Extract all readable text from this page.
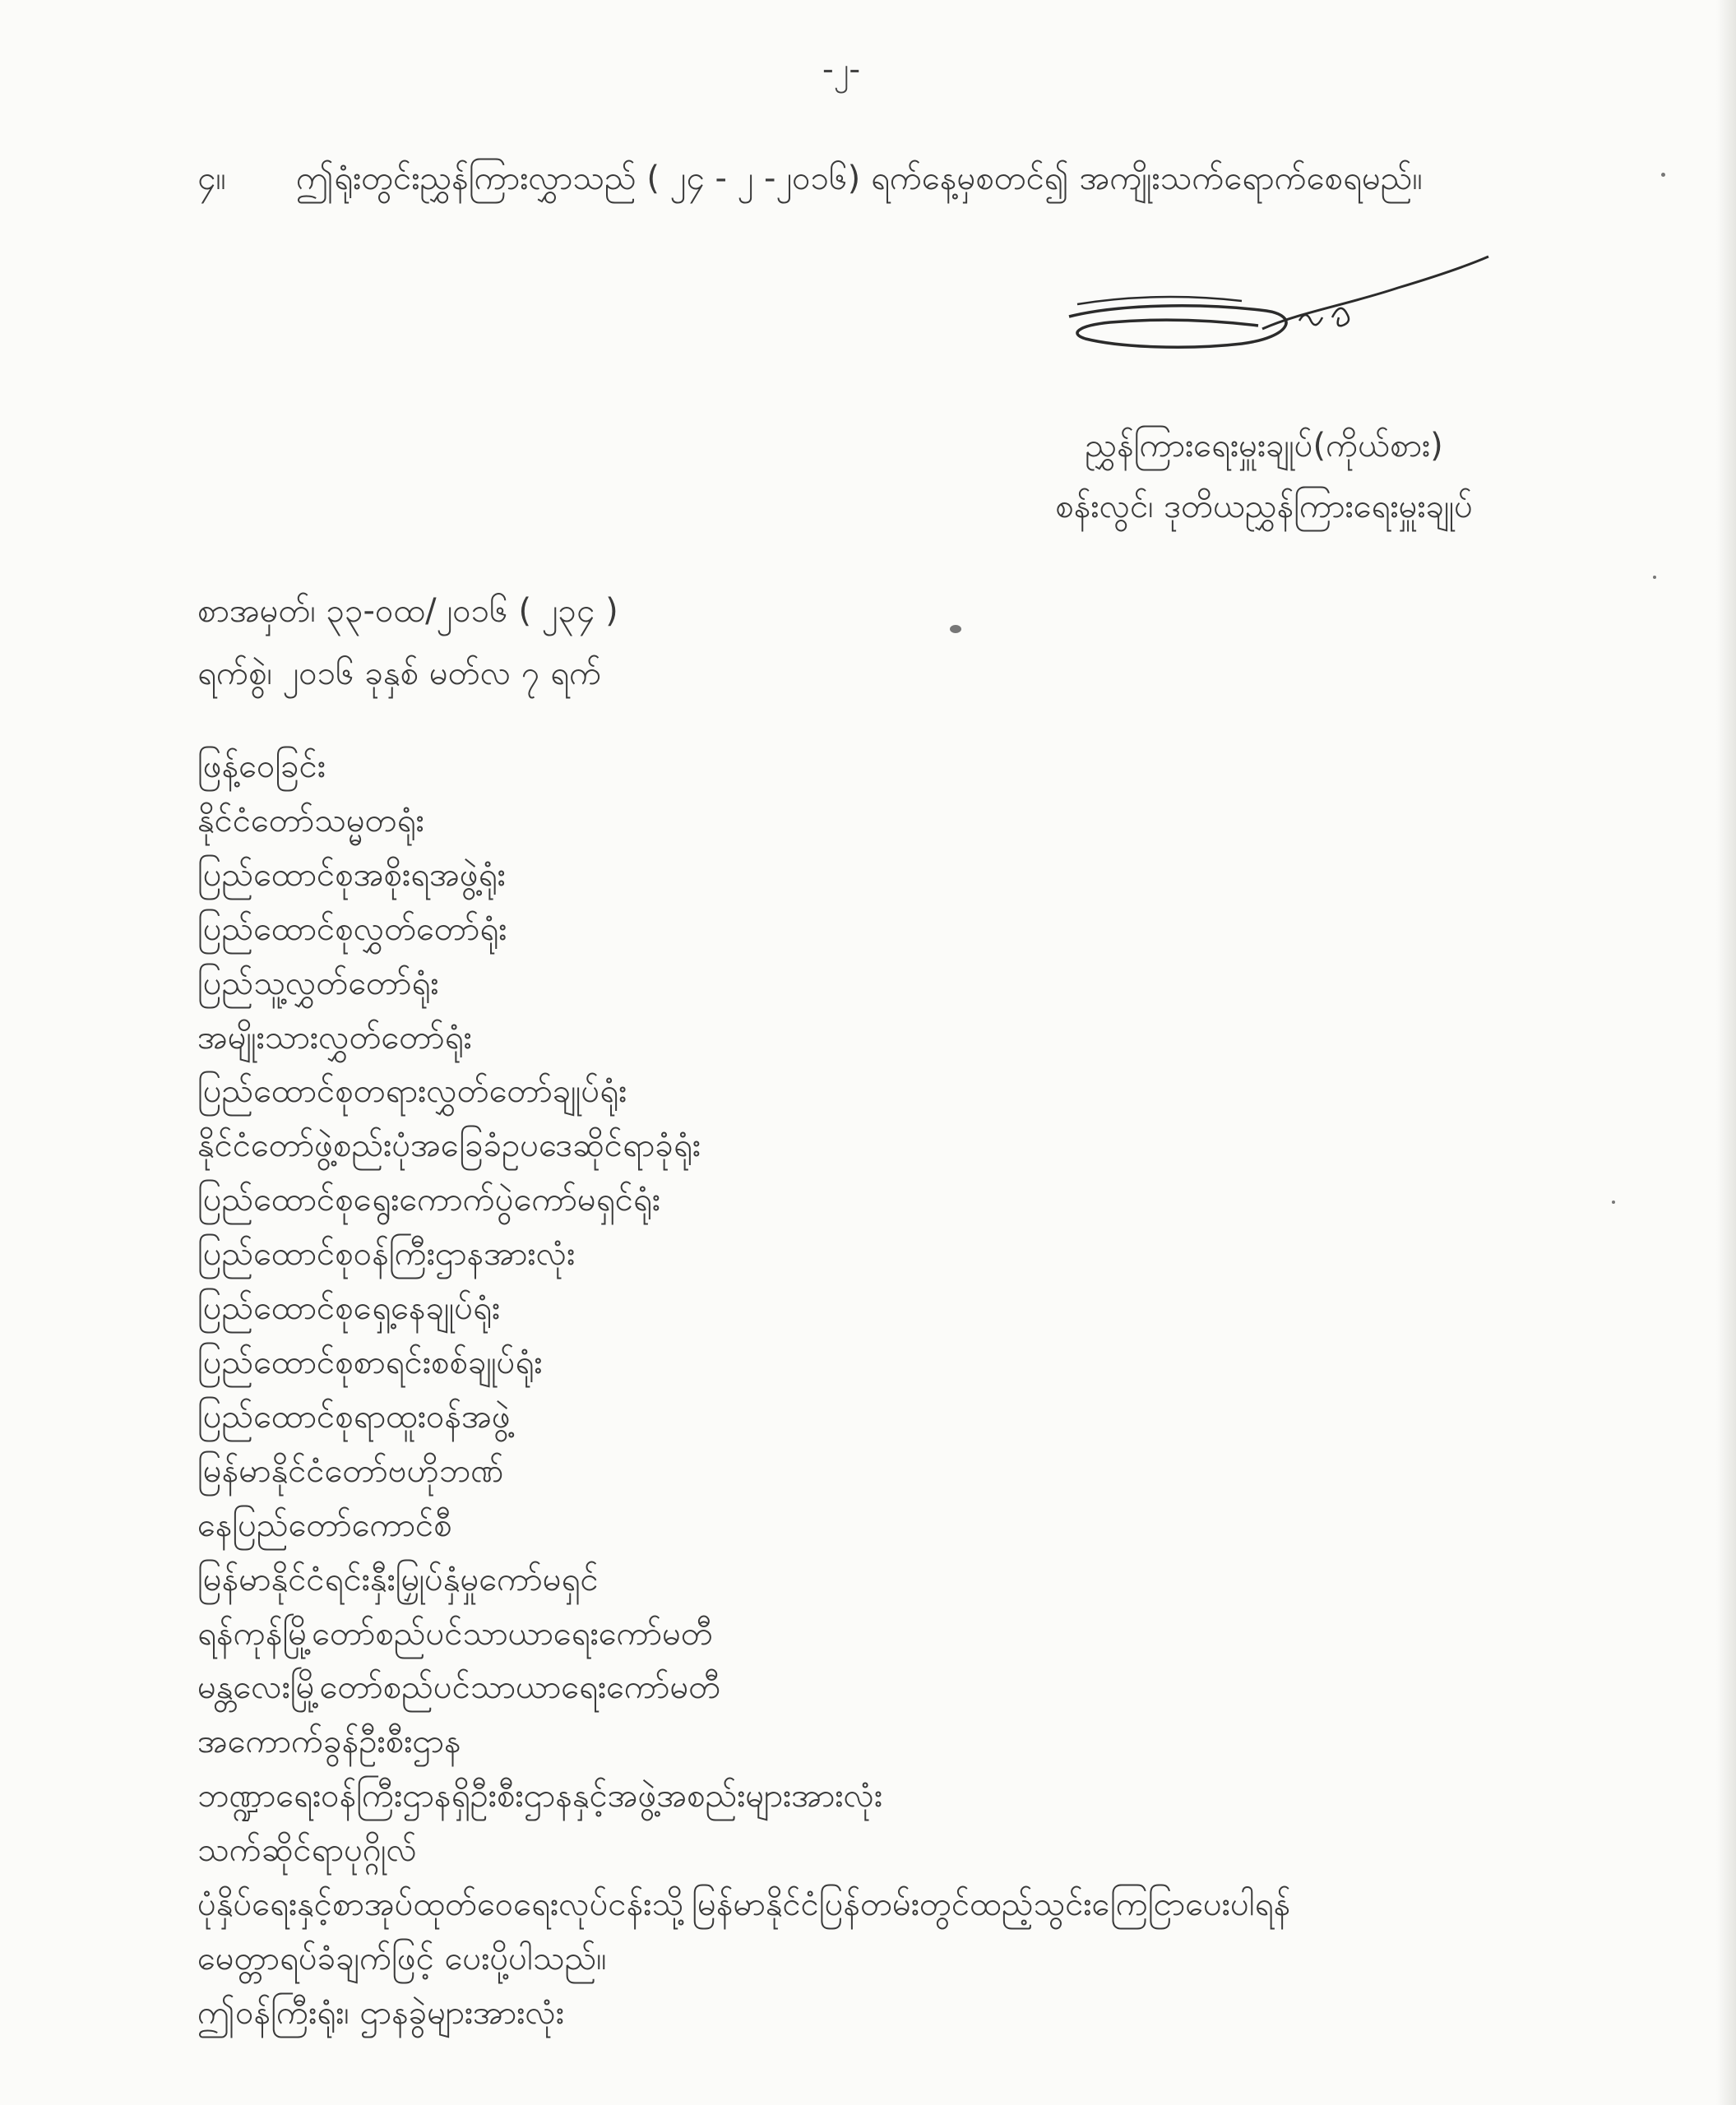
-၂-
၄။ ဤရုံးတွင်းညွှန်ကြားလွှာသည် ( ၂၄ - ၂ -၂၀၁၆) ရက်နေ့မှစတင်၍ အကျိုးသက်ရောက်စေရမည်။
ညွှန်ကြားရေးမှူးချုပ်(ကိုယ်စား)
စန်းလွင်၊ ဒုတိယညွှန်ကြားရေးမှူးချုပ်
စာအမှတ်၊ ၃၃-၀ထ/၂၀၁၆ ( ၂၃၄ )
ရက်စွဲ၊ ၂၀၁၆ ခုနှစ် မတ်လ ၇ ရက်
ဖြန့်ဝေခြင်း
နိုင်ငံတော်သမ္မတရုံး
ပြည်ထောင်စုအစိုးရအဖွဲ့ရုံး
ပြည်ထောင်စုလွှတ်တော်ရုံး
ပြည်သူ့လွှတ်တော်ရုံး
အမျိုးသားလွှတ်တော်ရုံး
ပြည်ထောင်စုတရားလွှတ်တော်ချုပ်ရုံး
နိုင်ငံတော်ဖွဲ့စည်းပုံအခြေခံဥပဒေဆိုင်ရာခုံရုံး
ပြည်ထောင်စုရွေးကောက်ပွဲကော်မရှင်ရုံး
ပြည်ထောင်စုဝန်ကြီးဌာနအားလုံး
ပြည်ထောင်စုရှေ့နေချုပ်ရုံး
ပြည်ထောင်စုစာရင်းစစ်ချုပ်ရုံး
ပြည်ထောင်စုရာထူးဝန်အဖွဲ့
မြန်မာနိုင်ငံတော်ဗဟိုဘဏ်
နေပြည်တော်ကောင်စီ
မြန်မာနိုင်ငံရင်းနှီးမြှုပ်နှံမှုကော်မရှင်
ရန်ကုန်မြို့တော်စည်ပင်သာယာရေးကော်မတီ
မန္တလေးမြို့တော်စည်ပင်သာယာရေးကော်မတီ
အကောက်ခွန်ဦးစီးဌာန
ဘဏ္ဍာရေးဝန်ကြီးဌာနရှိဦးစီးဌာနနှင့်အဖွဲ့အစည်းများအားလုံး
သက်ဆိုင်ရာပုဂ္ဂိုလ်
ပုံနှိပ်ရေးနှင့်စာအုပ်ထုတ်ဝေရေးလုပ်ငန်းသို့မြန်မာနိုင်ငံပြန်တမ်းတွင်ထည့်သွင်းကြေငြာပေးပါရန်
မေတ္တာရပ်ခံချက်ဖြင့် ပေးပို့ပါသည်။
ဤဝန်ကြီးရုံး၊ ဌာနခွဲများအားလုံး
